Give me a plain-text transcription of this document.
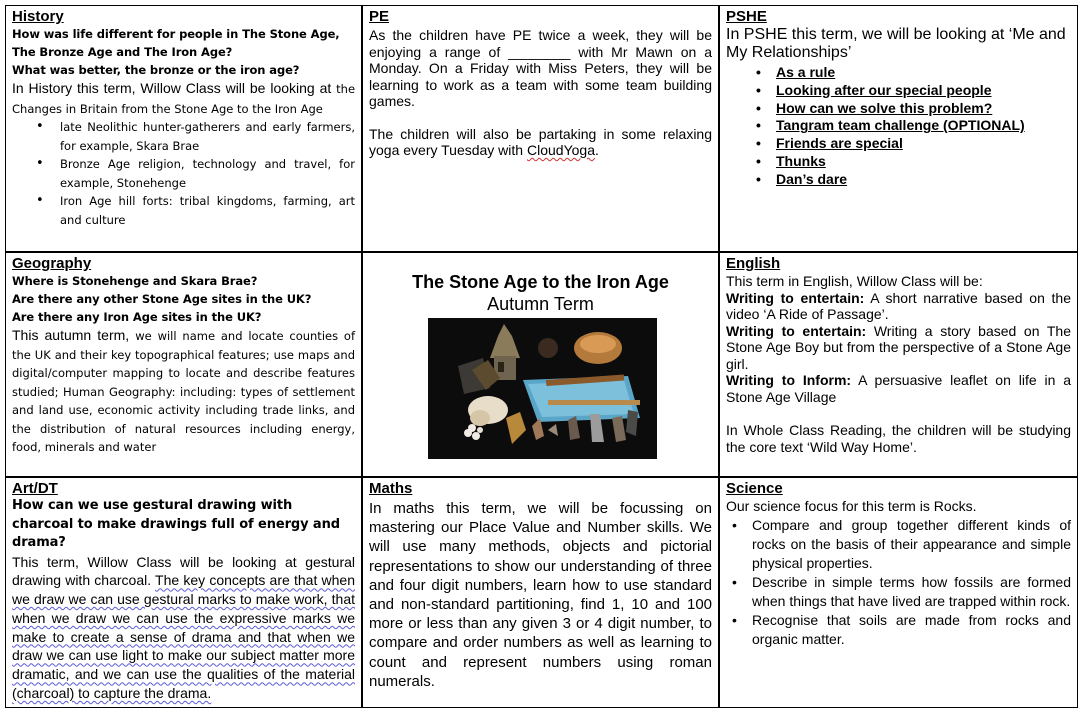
History

How was life different for people in The Stone Age, The Bronze Age and The Iron Age?

What was better, the bronze or the iron age?

In History this term, Willow Class will be looking at the Changes in Britain from the Stone Age to the Iron Age

• late Neolithic hunter-gatherers and early farmers, for example, Skara Brae
• Bronze Age religion, technology and travel, for example, Stonehenge
• Iron Age hill forts: tribal kingdoms, farming, art and culture

PE

As the children have PE twice a week, they will be enjoying a range of ________ with Mr Mawn on a Monday. On a Friday with Miss Peters, they will be learning to work as a team with some team building games.

The children will also be partaking in some relaxing yoga every Tuesday with CloudYoga.

PSHE

In PSHE this term, we will be looking at ‘Me and My Relationships’

• As a rule
• Looking after our special people
• How can we solve this problem?
• Tangram team challenge (OPTIONAL)
• Friends are special
• Thunks
• Dan’s dare

Geography

Where is Stonehenge and Skara Brae?

Are there any other Stone Age sites in the UK?

Are there any Iron Age sites in the UK?

This autumn term, we will name and locate counties of the UK and their key topographical features; use maps and digital/computer mapping to locate and describe features studied; Human Geography: including: types of settlement and land use, economic activity including trade links, and the distribution of natural resources including energy, food, minerals and water

The Stone Age to the Iron Age
Autumn Term

English

This term in English, Willow Class will be:

Writing to entertain: A short narrative based on the video ‘A Ride of Passage’.

Writing to entertain: Writing a story based on The Stone Age Boy but from the perspective of a Stone Age girl.

Writing to Inform: A persuasive leaflet on life in a Stone Age Village

In Whole Class Reading, the children will be studying the core text ‘Wild Way Home’.

Art/DT

How can we use gestural drawing with charcoal to make drawings full of energy and drama?

This term, Willow Class will be looking at gestural drawing with charcoal. The key concepts are that when we draw we can use gestural marks to make work, that when we draw we can use the expressive marks we make to create a sense of drama and that when we draw we can use light to make our subject matter more dramatic, and we can use the qualities of the material (charcoal) to capture the drama.

Maths

In maths this term, we will be focussing on mastering our Place Value and Number skills. We will use many methods, objects and pictorial representations to show our understanding of three and four digit numbers, learn how to use standard and non-standard partitioning, find 1, 10 and 100 more or less than any given 3 or 4 digit number, to compare and order numbers as well as learning to count and represent numbers using roman numerals.

Science

Our science focus for this term is Rocks.

• Compare and group together different kinds of rocks on the basis of their appearance and simple physical properties.
• Describe in simple terms how fossils are formed when things that have lived are trapped within rock.
• Recognise that soils are made from rocks and organic matter.
